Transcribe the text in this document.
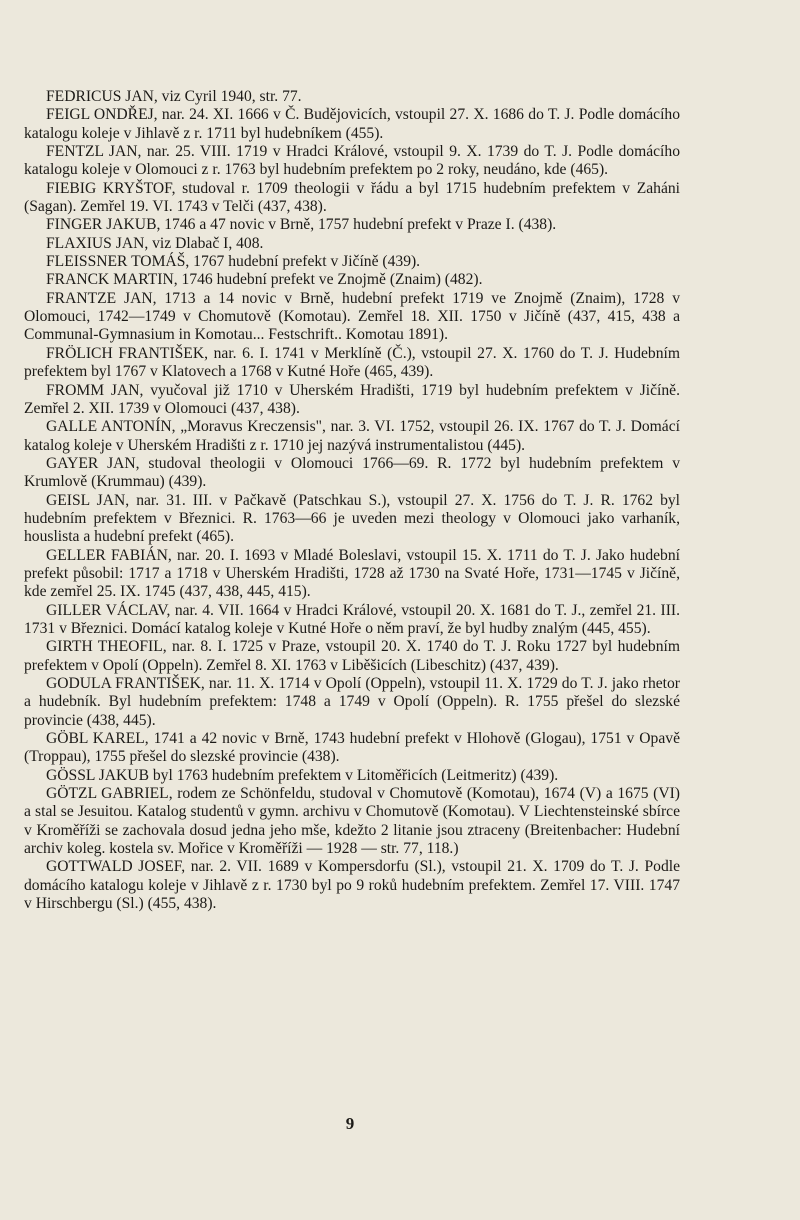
FEDRICUS JAN, viz Cyril 1940, str. 77.

FEIGL ONDŘEJ, nar. 24. XI. 1666 v Č. Budějovicích, vstoupil 27. X. 1686 do T. J. Podle domácího katalogu koleje v Jihlavě z r. 1711 byl hudebníkem (455).

FENTZL JAN, nar. 25. VIII. 1719 v Hradci Králové, vstoupil 9. X. 1739 do T. J. Podle domácího katalogu koleje v Olomouci z r. 1763 byl hudebním prefektem po 2 roky, neudáno, kde (465).

FIEBIG KRYŠTOF, studoval r. 1709 theologii v řádu a byl 1715 hudebním prefektem v Zaháni (Sagan). Zemřel 19. VI. 1743 v Telči (437, 438).

FINGER JAKUB, 1746 a 47 novic v Brně, 1757 hudební prefekt v Praze I. (438).

FLAXIUS JAN, viz Dlabač I, 408.

FLEISSNER TOMÁŠ, 1767 hudební prefekt v Jičíně (439).

FRANCK MARTIN, 1746 hudební prefekt ve Znojmě (Znaim) (482).

FRANTZE JAN, 1713 a 14 novic v Brně, hudební prefekt 1719 ve Znojmě (Znaim), 1728 v Olomouci, 1742—1749 v Chomutově (Komotau). Zemřel 18. XII. 1750 v Jičíně (437, 415, 438 a Communal-Gymnasium in Komotau... Festschrift.. Komotau 1891).

FRÖLICH FRANTIŠEK, nar. 6. I. 1741 v Merklíně (Č.), vstoupil 27. X. 1760 do T. J. Hudebním prefektem byl 1767 v Klatovech a 1768 v Kutné Hoře (465, 439).

FROMM JAN, vyučoval již 1710 v Uherském Hradišti, 1719 byl hudebním prefektem v Jičíně. Zemřel 2. XII. 1739 v Olomouci (437, 438).

GALLE ANTONÍN, „Moravus Kreczensis", nar. 3. VI. 1752, vstoupil 26. IX. 1767 do T. J. Domácí katalog koleje v Uherském Hradišti z r. 1710 jej nazývá instrumentalistou (445).

GAYER JAN, studoval theologii v Olomouci 1766—69. R. 1772 byl hudebním prefektem v Krumlově (Krummau) (439).

GEISL JAN, nar. 31. III. v Pačkavě (Patschkau S.), vstoupil 27. X. 1756 do T. J. R. 1762 byl hudebním prefektem v Březnici. R. 1763—66 je uveden mezi theology v Olomouci jako varhaník, houslista a hudební prefekt (465).

GELLER FABIÁN, nar. 20. I. 1693 v Mladé Boleslavi, vstoupil 15. X. 1711 do T. J. Jako hudební prefekt působil: 1717 a 1718 v Uherském Hradišti, 1728 až 1730 na Svaté Hoře, 1731—1745 v Jičíně, kde zemřel 25. IX. 1745 (437, 438, 445, 415).

GILLER VÁCLAV, nar. 4. VII. 1664 v Hradci Králové, vstoupil 20. X. 1681 do T. J., zemřel 21. III. 1731 v Březnici. Domácí katalog koleje v Kutné Hoře o něm praví, že byl hudby znalým (445, 455).

GIRTH THEOFIL, nar. 8. I. 1725 v Praze, vstoupil 20. X. 1740 do T. J. Roku 1727 byl hudebním prefektem v Opolí (Oppeln). Zemřel 8. XI. 1763 v Liběšicích (Libeschitz) (437, 439).

GODULA FRANTIŠEK, nar. 11. X. 1714 v Opolí (Oppeln), vstoupil 11. X. 1729 do T. J. jako rhetor a hudebník. Byl hudebním prefektem: 1748 a 1749 v Opolí (Oppeln). R. 1755 přešel do slezské provincie (438, 445).

GÖBL KAREL, 1741 a 42 novic v Brně, 1743 hudební prefekt v Hlohově (Glogau), 1751 v Opavě (Troppau), 1755 přešel do slezské provincie (438).

GÖSSL JAKUB byl 1763 hudebním prefektem v Litoměřicích (Leitmeritz) (439).

GÖTZL GABRIEL, rodem ze Schönfeldu, studoval v Chomutově (Komotau), 1674 (V) a 1675 (VI) a stal se Jesuitou. Katalog studentů v gymn. archivu v Chomutově (Komotau). V Liechtensteinské sbírce v Kroměříži se zachovala dosud jedna jeho mše, kdežto 2 litanie jsou ztraceny (Breitenbacher: Hudební archiv koleg. kostela sv. Mořice v Kroměříži — 1928 — str. 77, 118.)

GOTTWALD JOSEF, nar. 2. VII. 1689 v Kompersdorfu (Sl.), vstoupil 21. X. 1709 do T. J. Podle domácího katalogu koleje v Jihlavě z r. 1730 byl po 9 roků hudebním prefektem. Zemřel 17. VIII. 1747 v Hirschbergu (Sl.) (455, 438).

9
